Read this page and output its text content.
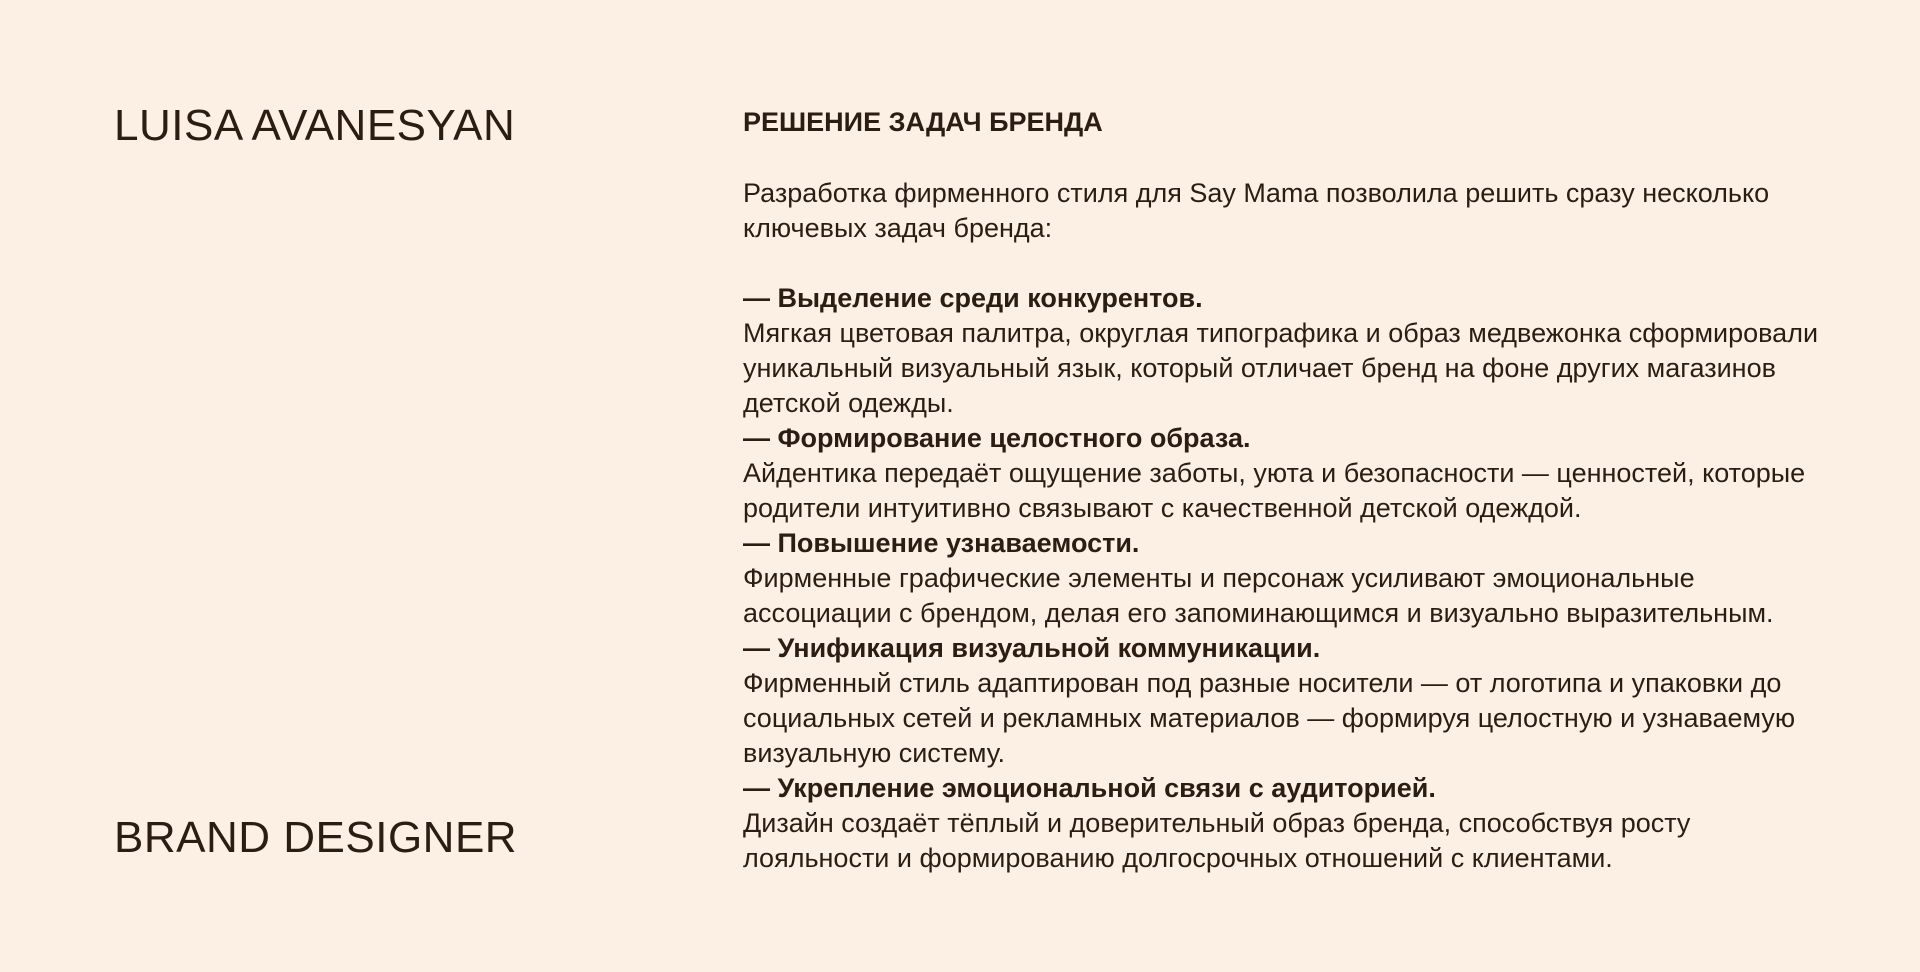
LUISA AVANESYAN
BRAND DESIGNER
РЕШЕНИЕ ЗАДАЧ БРЕНДА

Разработка фирменного стиля для Say Mama позволила решить сразу несколько ключевых задач бренда:

— Выделение среди конкурентов.

Мягкая цветовая палитра, округлая типографика и образ медвежонка сформировали уникальный визуальный язык, который отличает бренд на фоне других магазинов детской одежды.

— Формирование целостного образа.

Айдентика передаёт ощущение заботы, уюта и безопасности — ценностей, которые родители интуитивно связывают с качественной детской одеждой.

— Повышение узнаваемости.

Фирменные графические элементы и персонаж усиливают эмоциональные ассоциации с брендом, делая его запоминающимся и визуально выразительным.

— Унификация визуальной коммуникации.

Фирменный стиль адаптирован под разные носители — от логотипа и упаковки до социальных сетей и рекламных материалов — формируя целостную и узнаваемую визуальную систему.

— Укрепление эмоциональной связи с аудиторией.

Дизайн создаёт тёплый и доверительный образ бренда, способствуя росту лояльности и формированию долгосрочных отношений с клиентами.
